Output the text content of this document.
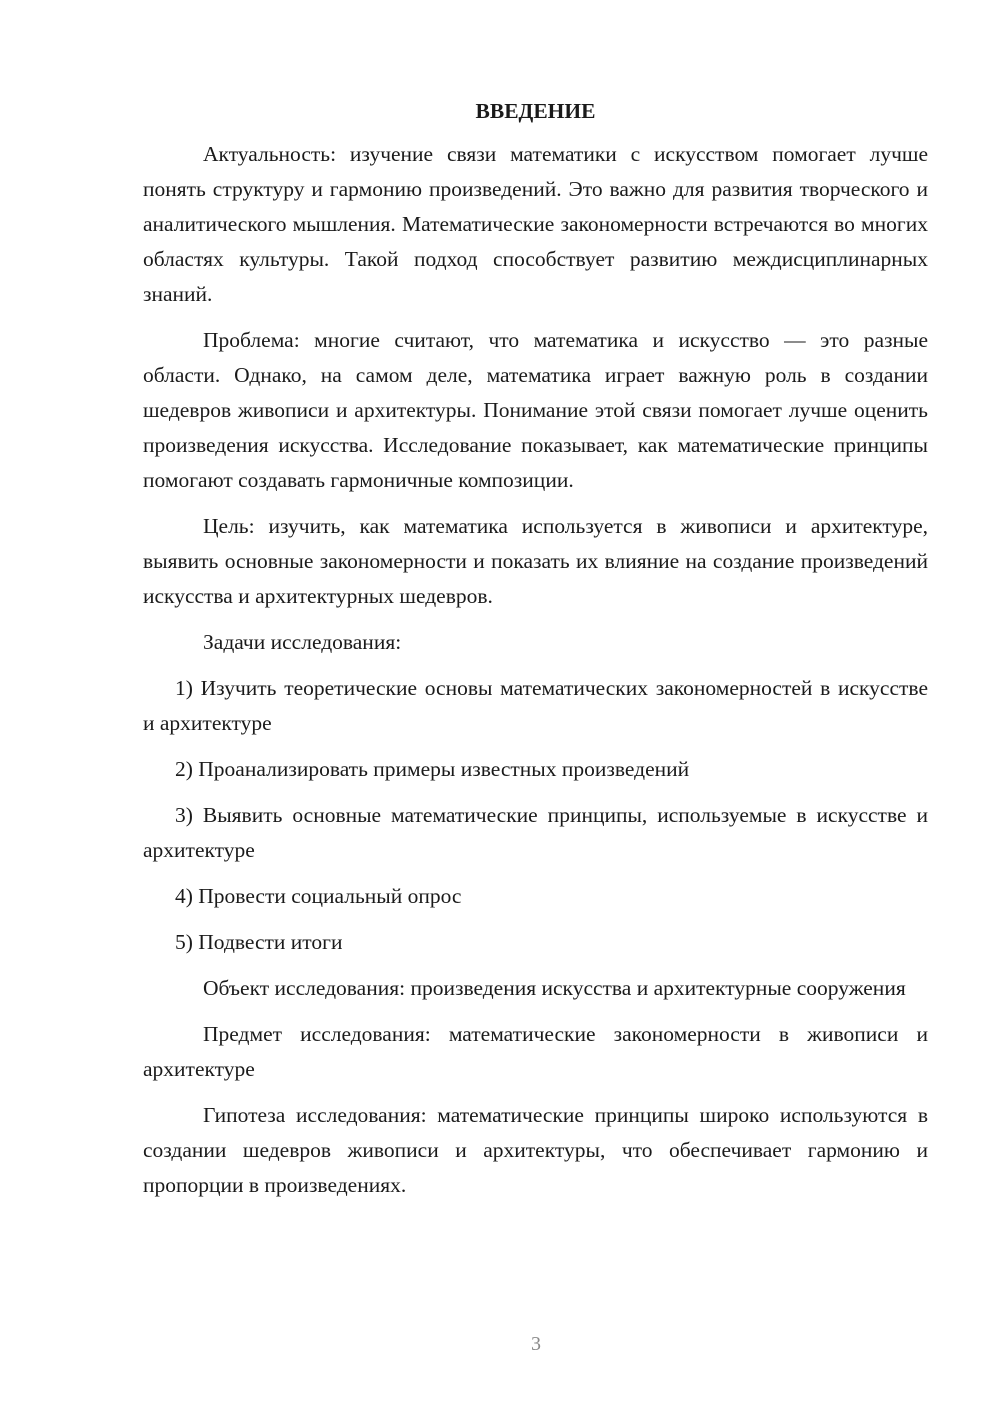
ВВЕДЕНИЕ

Актуальность: изучение связи математики с искусством помогает лучше понять структуру и гармонию произведений. Это важно для развития творческого и аналитического мышления. Математические закономерности встречаются во многих областях культуры. Такой подход способствует развитию междисциплинарных знаний.

Проблема: многие считают, что математика и искусство — это разные области. Однако, на самом деле, математика играет важную роль в создании шедевров живописи и архитектуры. Понимание этой связи помогает лучше оценить произведения искусства. Исследование показывает, как математические принципы помогают создавать гармоничные композиции.

Цель: изучить, как математика используется в живописи и архитектуре, выявить основные закономерности и показать их влияние на создание произведений искусства и архитектурных шедевров.

Задачи исследования:

1) Изучить теоретические основы математических закономерностей в искусстве и архитектуре

2) Проанализировать примеры известных произведений

3) Выявить основные математические принципы, используемые в искусстве и архитектуре

4) Провести социальный опрос

5) Подвести итоги

Объект исследования: произведения искусства и архитектурные сооружения

Предмет исследования: математические закономерности в живописи и архитектуре

Гипотеза исследования: математические принципы широко используются в создании шедевров живописи и архитектуры, что обеспечивает гармонию и пропорции в произведениях.

3
